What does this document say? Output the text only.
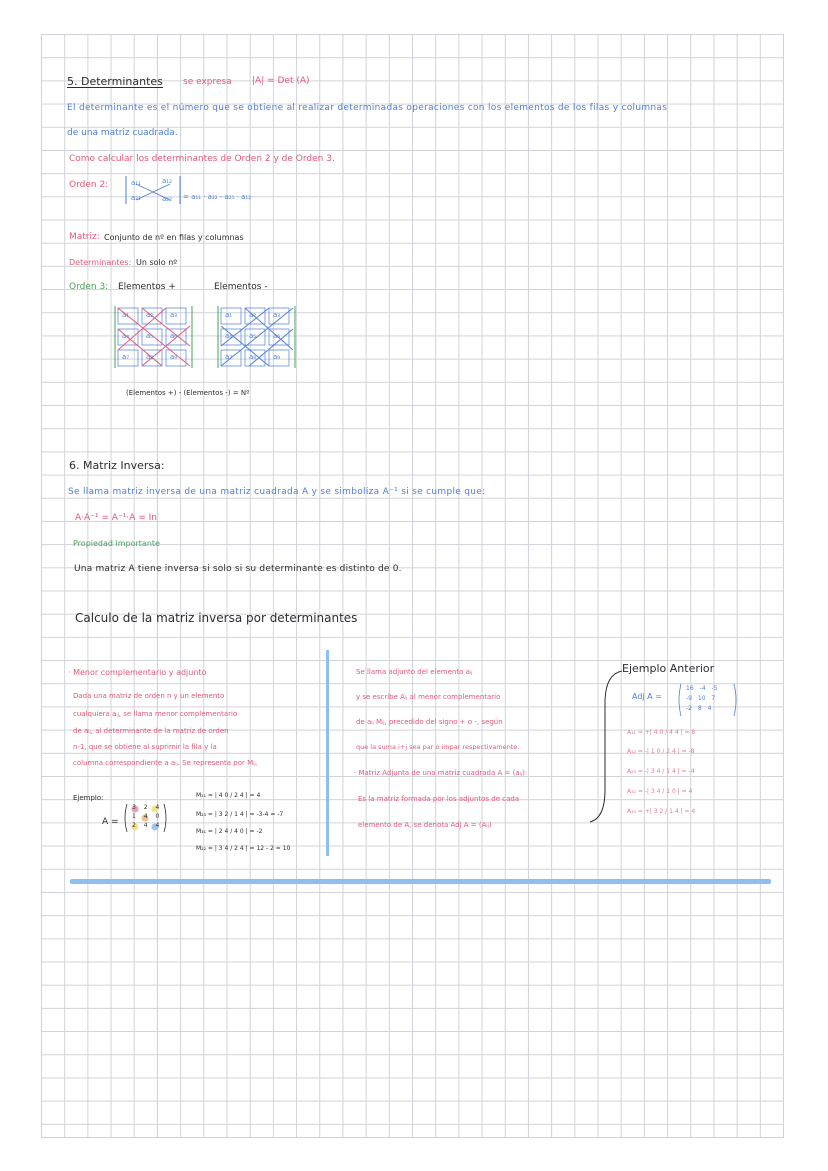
5. Determinantes se expresa |A| = Det (A)
El determinante es el número que se obtiene al realizar determinadas operaciones con los elementos de los filas y columnas
de una matriz cuadrada.
Como calcular los determinantes de Orden 2 y de Orden 3.
Orden 2:	a₁₁	a₁₂
a₂₁	a₂₂ = a₁₁ · a₂₂ - a₂₁ · a₁₂
Matriz: Conjunto de nº en filas y columnas
Determinantes: Un solo nº
Orden 3: Elementos +	Elementos -
a₁ a₂ a₃
a₄ a₅ a₆
a₇ a₈ a₉
a₁ a₂ a₃
a₄ a₅ a₆
a₇ a₈ a₉
(Elementos +) - (Elementos -) = Nº
6. Matriz Inversa:
Se llama matriz inversa de una matriz cuadrada A y se simboliza A⁻¹ si se cumple que:
A·A⁻¹ = A⁻¹·A = In
Propiedad importante
Una matriz A tiene inversa si solo si su determinante es distinto de 0.
Calculo de la matriz inversa por determinantes
· Menor complementario y adjunto
Dada una matriz de orden n y un elemento
cualquiera aᵢⱼ, se llama menor complementario
de aᵢⱼ, al determinante de la matriz de orden
n-1, que se obtiene al suprimir la fila y la
columna correspondiente a aᵢⱼ. Se representa por Mᵢⱼ.
Ejemplo:
A =
3 2 4
1 4 0
2 4 4
M₁₁ = | 4 0 / 2 4 | = 4
M₂₃ = | 3 2 / 1 4 | = -3-4 = -7
M₃₁ = | 2 4 / 4 0 | = -2
M₂₂ = | 3 4 / 2 4 | = 12 - 2 = 10
Se llama adjunto del elemento aᵢⱼ
y se escribe Aᵢⱼ al menor complementario
de aᵢⱼ Mᵢⱼ, precedido del signo + o -, según
que la suma i+j sea par o impar respectivamente.
· Matriz Adjunta de una matriz cuadrada A = (aᵢⱼ):
Es la matriz formada por los adjuntos de cada
elemento de A, se denota Adj A = (Aᵢⱼ)
Ejemplo Anterior
Adj A =
16 -4 -5
-9 10 7
-2 8 4
A₁₁ = +| 4 0 / 4 4 | = 8
A₁₂ = -| 1 0 / 2 4 | = -8
A₂₃ = -| 3 4 / 1 4 | = -4
A₃₂ = -| 3 4 / 1 0 | = 4
A₃₃ = +| 3 2 / 1 4 | = 4
